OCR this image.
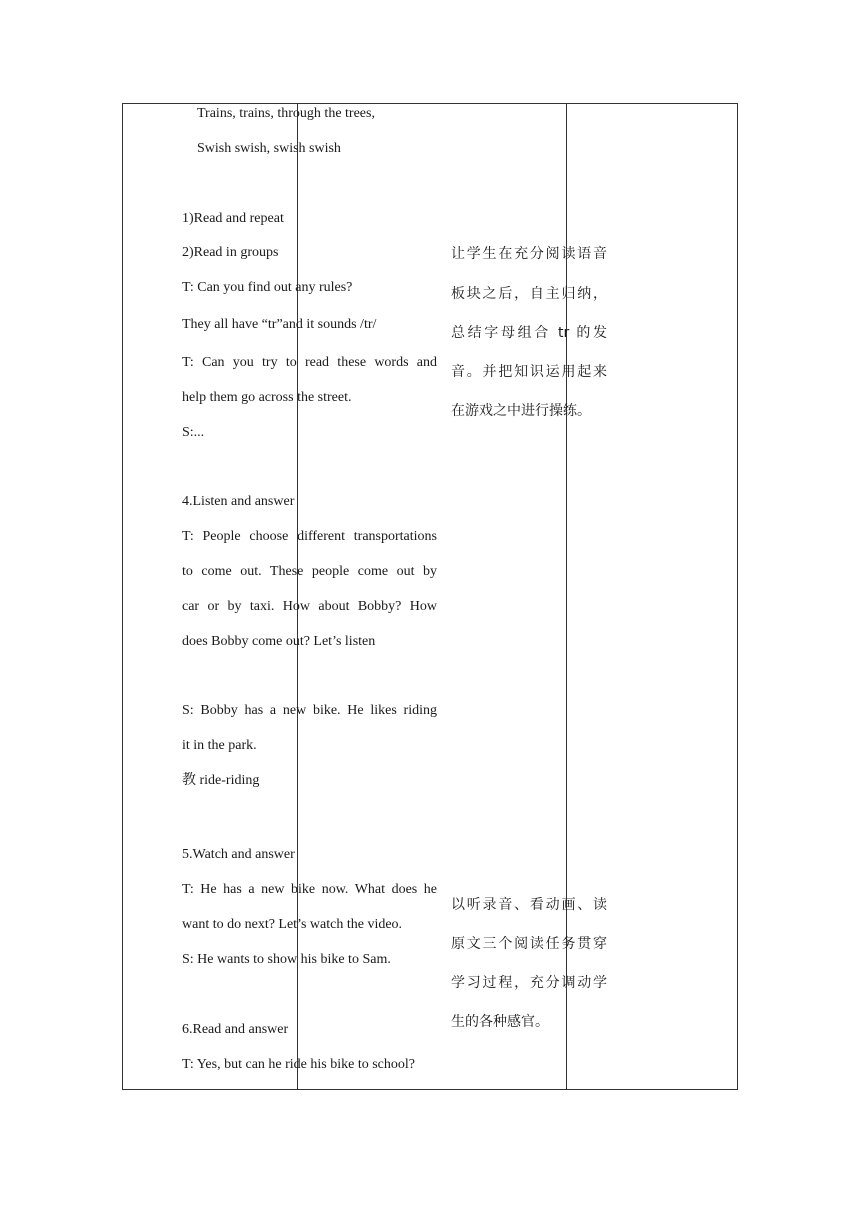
Trains, trains, through the trees,
Swish swish, swish swish
1)Read and repeat
2)Read in groups
T: Can you find out any rules?
They all have “tr”and it sounds /tr/
T: Can you try to read these words and
help them go across the street.
S:...
4.Listen and answer
T: People choose different transportations
to come out. These people come out by
car or by taxi. How about Bobby? How
does Bobby come out? Let’s listen
S: Bobby has a new bike. He likes riding
it in the park.
教 ride-riding
5.Watch and answer
T: He has a new bike now. What does he
want to do next? Let’s watch the video.
S: He wants to show his bike to Sam.
6.Read and answer
T: Yes, but can he ride his bike to school?
让学生在充分阅读语音
板块之后，自主归纳，
总结字母组合 tr 的发
音。并把知识运用起来
在游戏之中进行操练。
以听录音、看动画、读
原文三个阅读任务贯穿
学习过程，充分调动学
生的各种感官。
